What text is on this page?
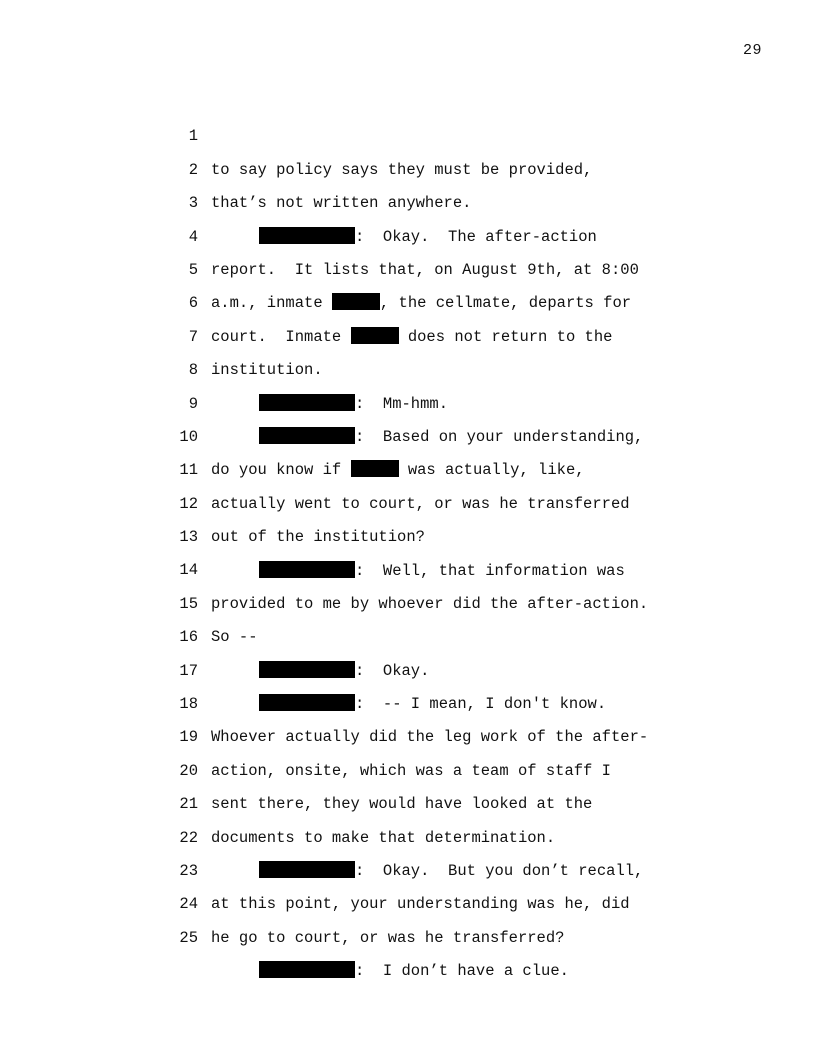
29

1

to say policy says they must be provided,

2

that’s not written anywhere.

3

:  Okay.  The after-action

4

report.  It lists that, on August 9th, at 8:00

5

a.m., inmate	, the cellmate, departs for

6

court.  Inmate	does not return to the

7

institution.

8

:  Mm-hmm.

9

:  Based on your understanding,

10

do you know if	was actually, like,

11

actually went to court, or was he transferred

12

out of the institution?

13

:  Well, that information was

14

provided to me by whoever did the after-action.

15

So --

16

:  Okay.

17

:  -- I mean, I don't know.

18

Whoever actually did the leg work of the after-

19

action, onsite, which was a team of staff I

20

sent there, they would have looked at the

21

documents to make that determination.

22

:  Okay.  But you don’t recall,

23

at this point, your understanding was he, did

24

he go to court, or was he transferred?

25

:  I don’t have a clue.
